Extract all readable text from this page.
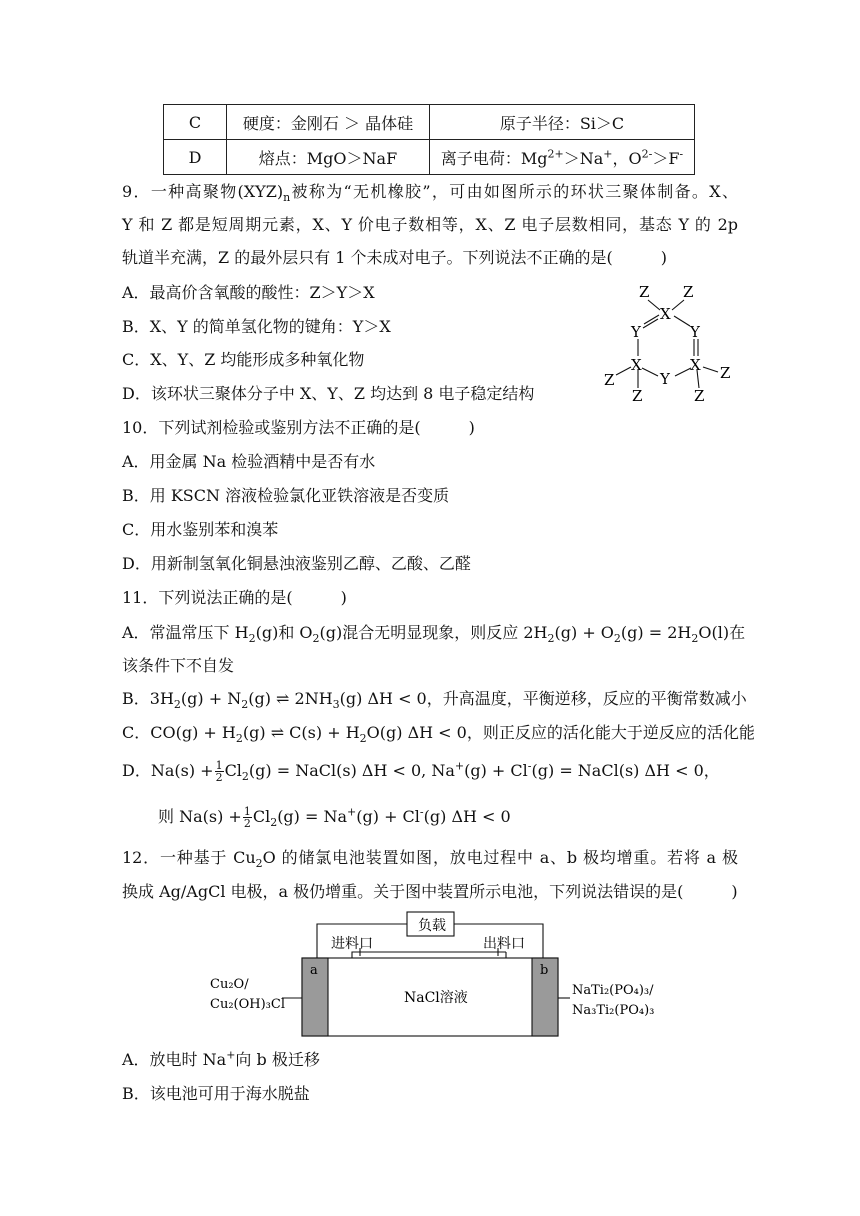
C	硬度：金刚石 ＞ 晶体硅	原子半径：Si＞C
D	熔点：MgO＞NaF	离子电荷：$Mg^{2+}>Na^+$，$O^{2-}>F^-$
9．一种高聚物$(XYZ)_n$被称为“无机橡胶”，可由如图所示的环状三聚体制备。X、
Y 和 Z 都是短周期元素，X、Y 价电子数相等，X、Z 电子层数相同，基态 Y 的 2p
轨道半充满，Z 的最外层只有 1 个未成对电子。下列说法不正确的是(　　　)
A．最高价含氧酸的酸性：Z＞Y＞X
B．X、Y 的简单氢化物的键角：Y＞X
C．X、Y、Z 均能形成多种氧化物
D．该环状三聚体分子中 X、Y、Z 均达到 8 电子稳定结构
Z Z
X
Y	Y
X	X
Y
Z	Z
Z	Z
10．下列试剂检验或鉴别方法不正确的是(　　　)
A．用金属 Na 检验酒精中是否有水
B．用 KSCN 溶液检验氯化亚铁溶液是否变质
C．用水鉴别苯和溴苯
D．用新制氢氧化铜悬浊液鉴别乙醇、乙酸、乙醛
11．下列说法正确的是(　　　)
A．常温常压下 $H_2(g)$和 $O_2(g)$混合无明显现象，则反应 $2H_2(g) + O_2(g) = 2H_2O(l)$在
该条件下不自发
B．$3H_2(g) + N_2(g)$ ⇌ $2NH_3(g) \Delta H < 0$，升高温度，平衡逆移，反应的平衡常数减小
C．$CO(g) + H_2(g)$ ⇌ $C(s) + H_2O(g) \Delta H < 0$，则正反应的活化能大于逆反应的活化能
D．$Na(s) + \frac{1}{2} Cl_2(g)$ = NaCl(s) ΔH < 0, Na+(g) + Cl-(g) = NaCl(s) ΔH < 0，
则 $Na(s) + \frac{1}{2} Cl_2(g) = Na^+(g) + Cl^-(g) \Delta H < 0$
12．一种基于 $Cu_2O$ 的储氯电池装置如图，放电过程中 a、b 极均增重。若将 a 极
换成 Ag/AgCl 电极，a 极仍增重。关于图中装置所示电池，下列说法错误的是(　　　)
负载
进料口	出料口
a	b
NaCl溶液
Cu₂O/
Cu₂(OH)₃Cl
NaTi₂(PO₄)₃/
Na₃Ti₂(PO₄)₃
A．放电时 Na+向 b 极迁移
B．该电池可用于海水脱盐
